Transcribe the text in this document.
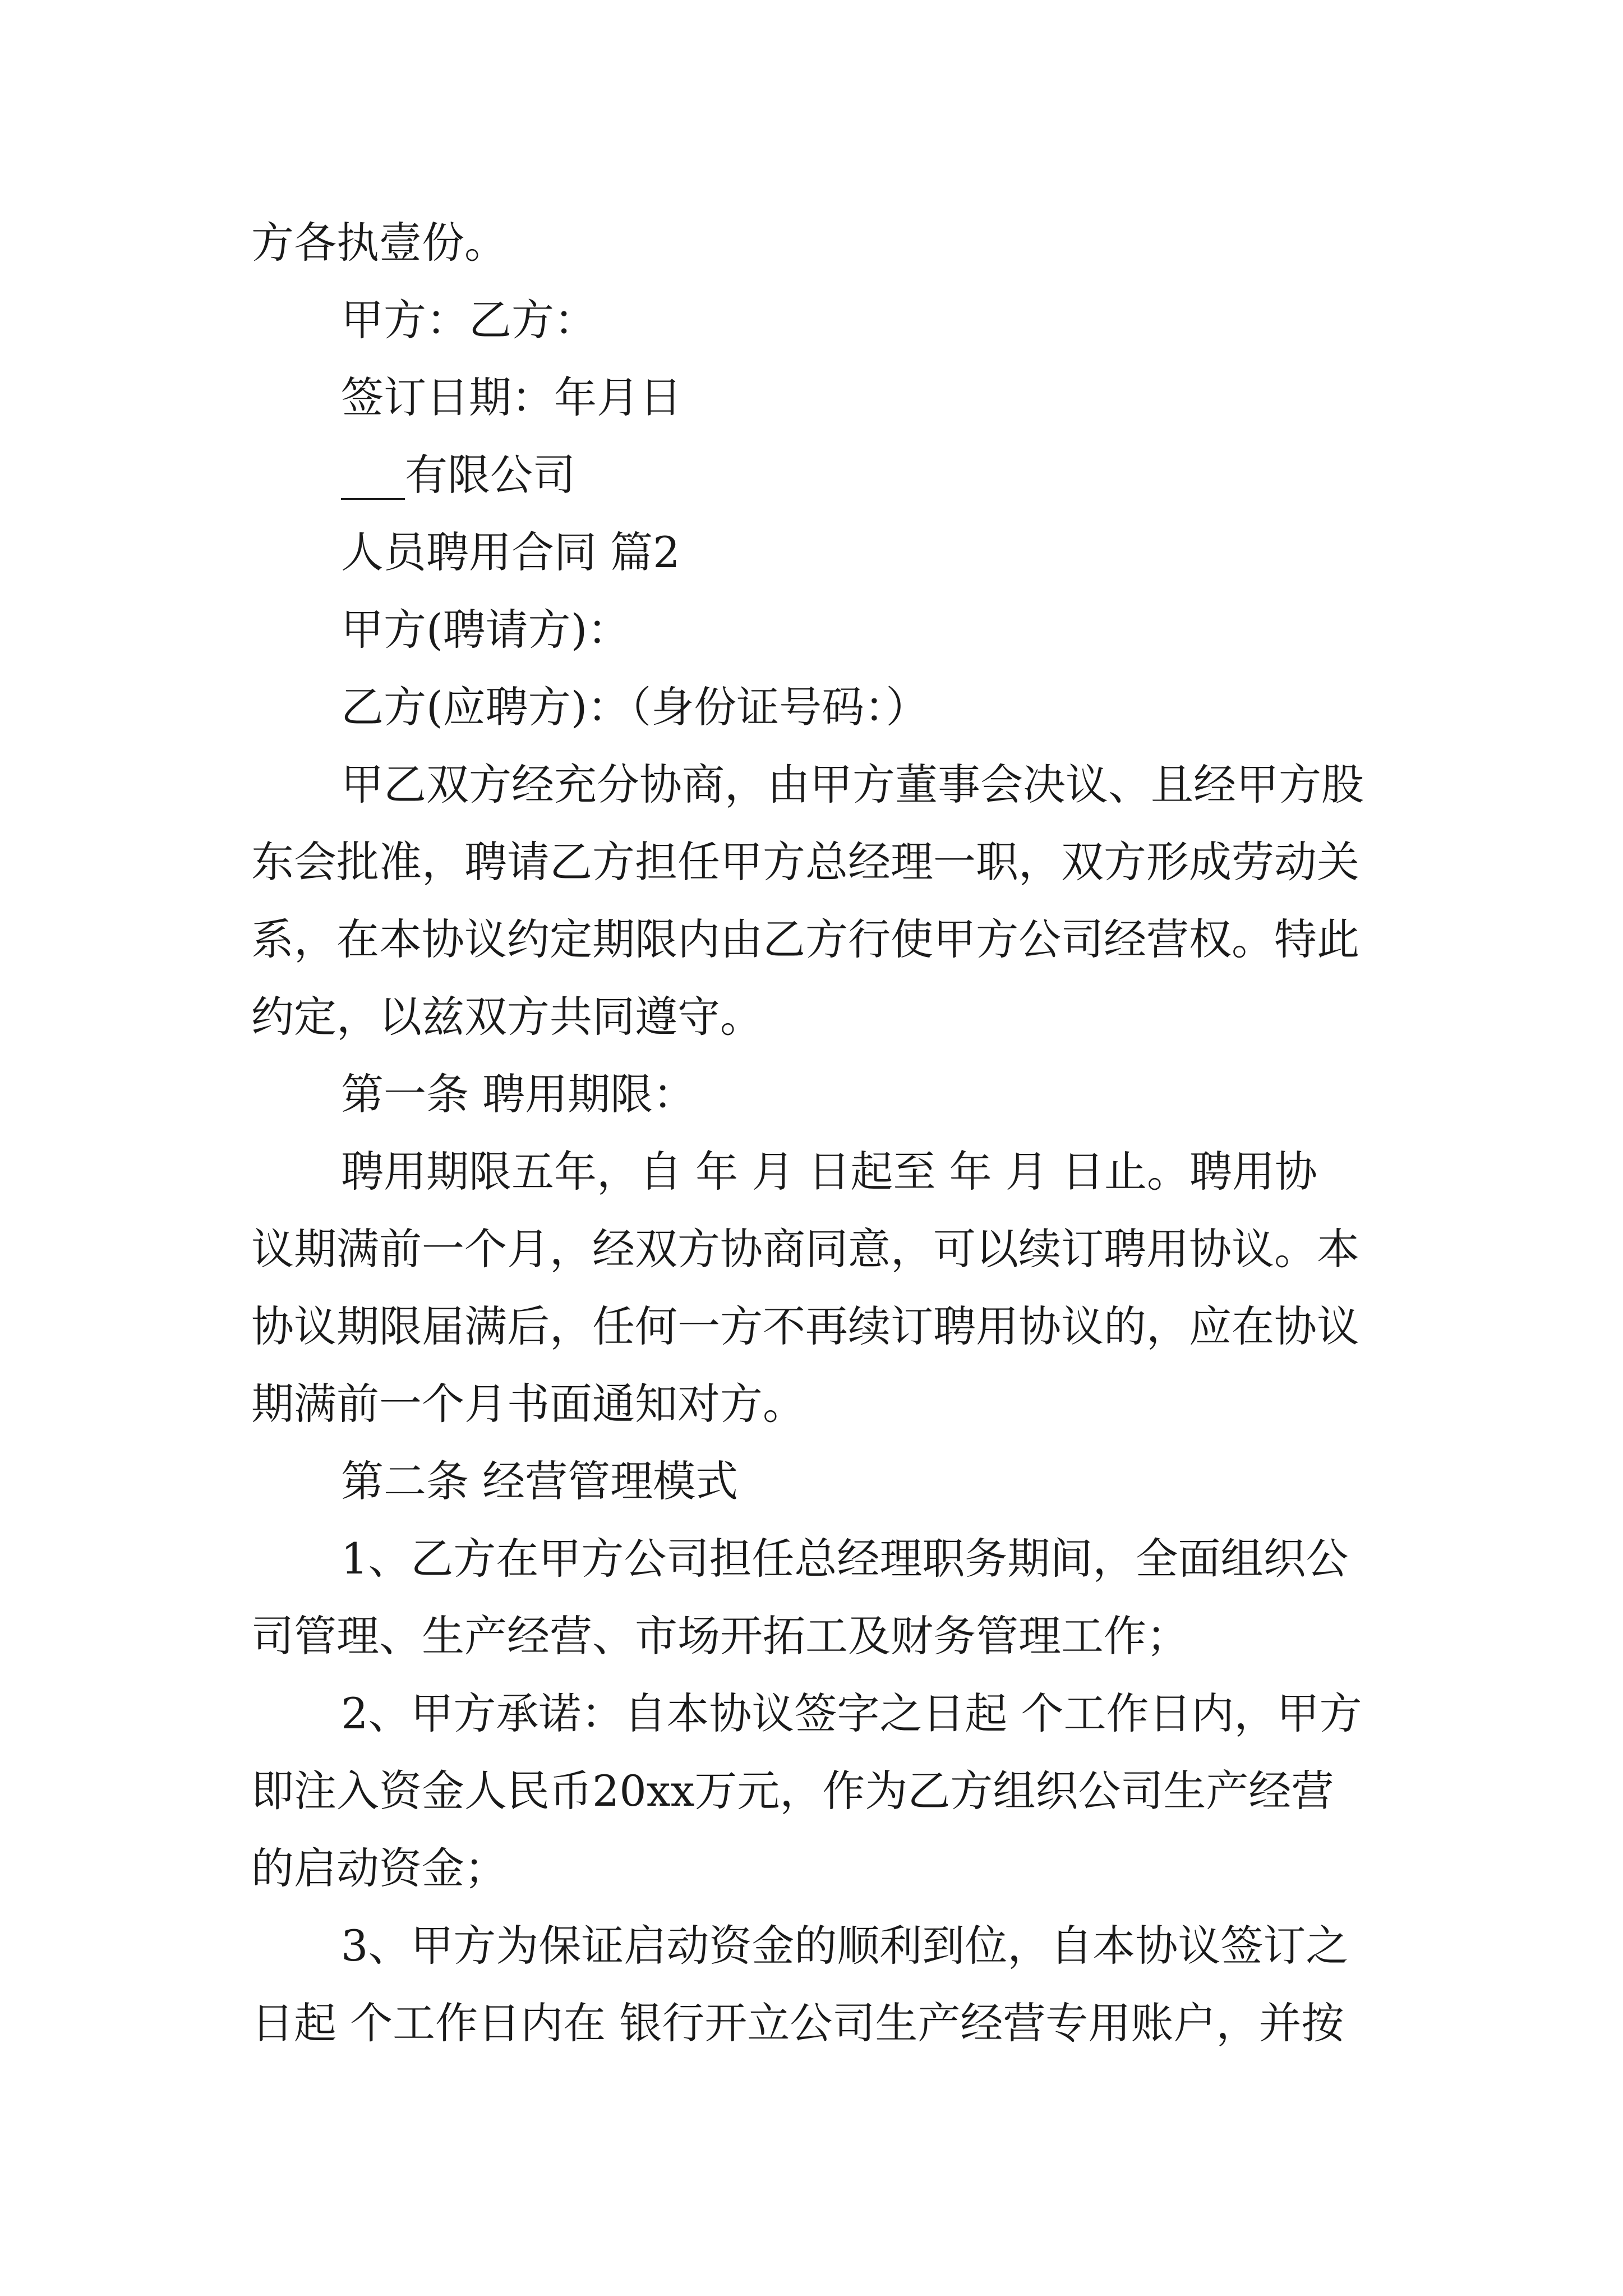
方各执壹份。
甲方：乙方：
签订日期：年月日
___有限公司
人员聘用合同 篇2
甲方(聘请方)：
乙方(应聘方)：（身份证号码：）
甲乙双方经充分协商，由甲方董事会决议、且经甲方股
东会批准，聘请乙方担任甲方总经理一职，双方形成劳动关
系，在本协议约定期限内由乙方行使甲方公司经营权。特此
约定，以兹双方共同遵守。
第一条 聘用期限：
聘用期限五年，自 年 月 日起至 年 月 日止。聘用协
议期满前一个月，经双方协商同意，可以续订聘用协议。本
协议期限届满后，任何一方不再续订聘用协议的，应在协议
期满前一个月书面通知对方。
第二条 经营管理模式
1、乙方在甲方公司担任总经理职务期间，全面组织公
司管理、生产经营、市场开拓工及财务管理工作；
2、甲方承诺：自本协议签字之日起 个工作日内，甲方
即注入资金人民币20xx万元，作为乙方组织公司生产经营
的启动资金；
3、甲方为保证启动资金的顺利到位，自本协议签订之
日起 个工作日内在 银行开立公司生产经营专用账户，并按
